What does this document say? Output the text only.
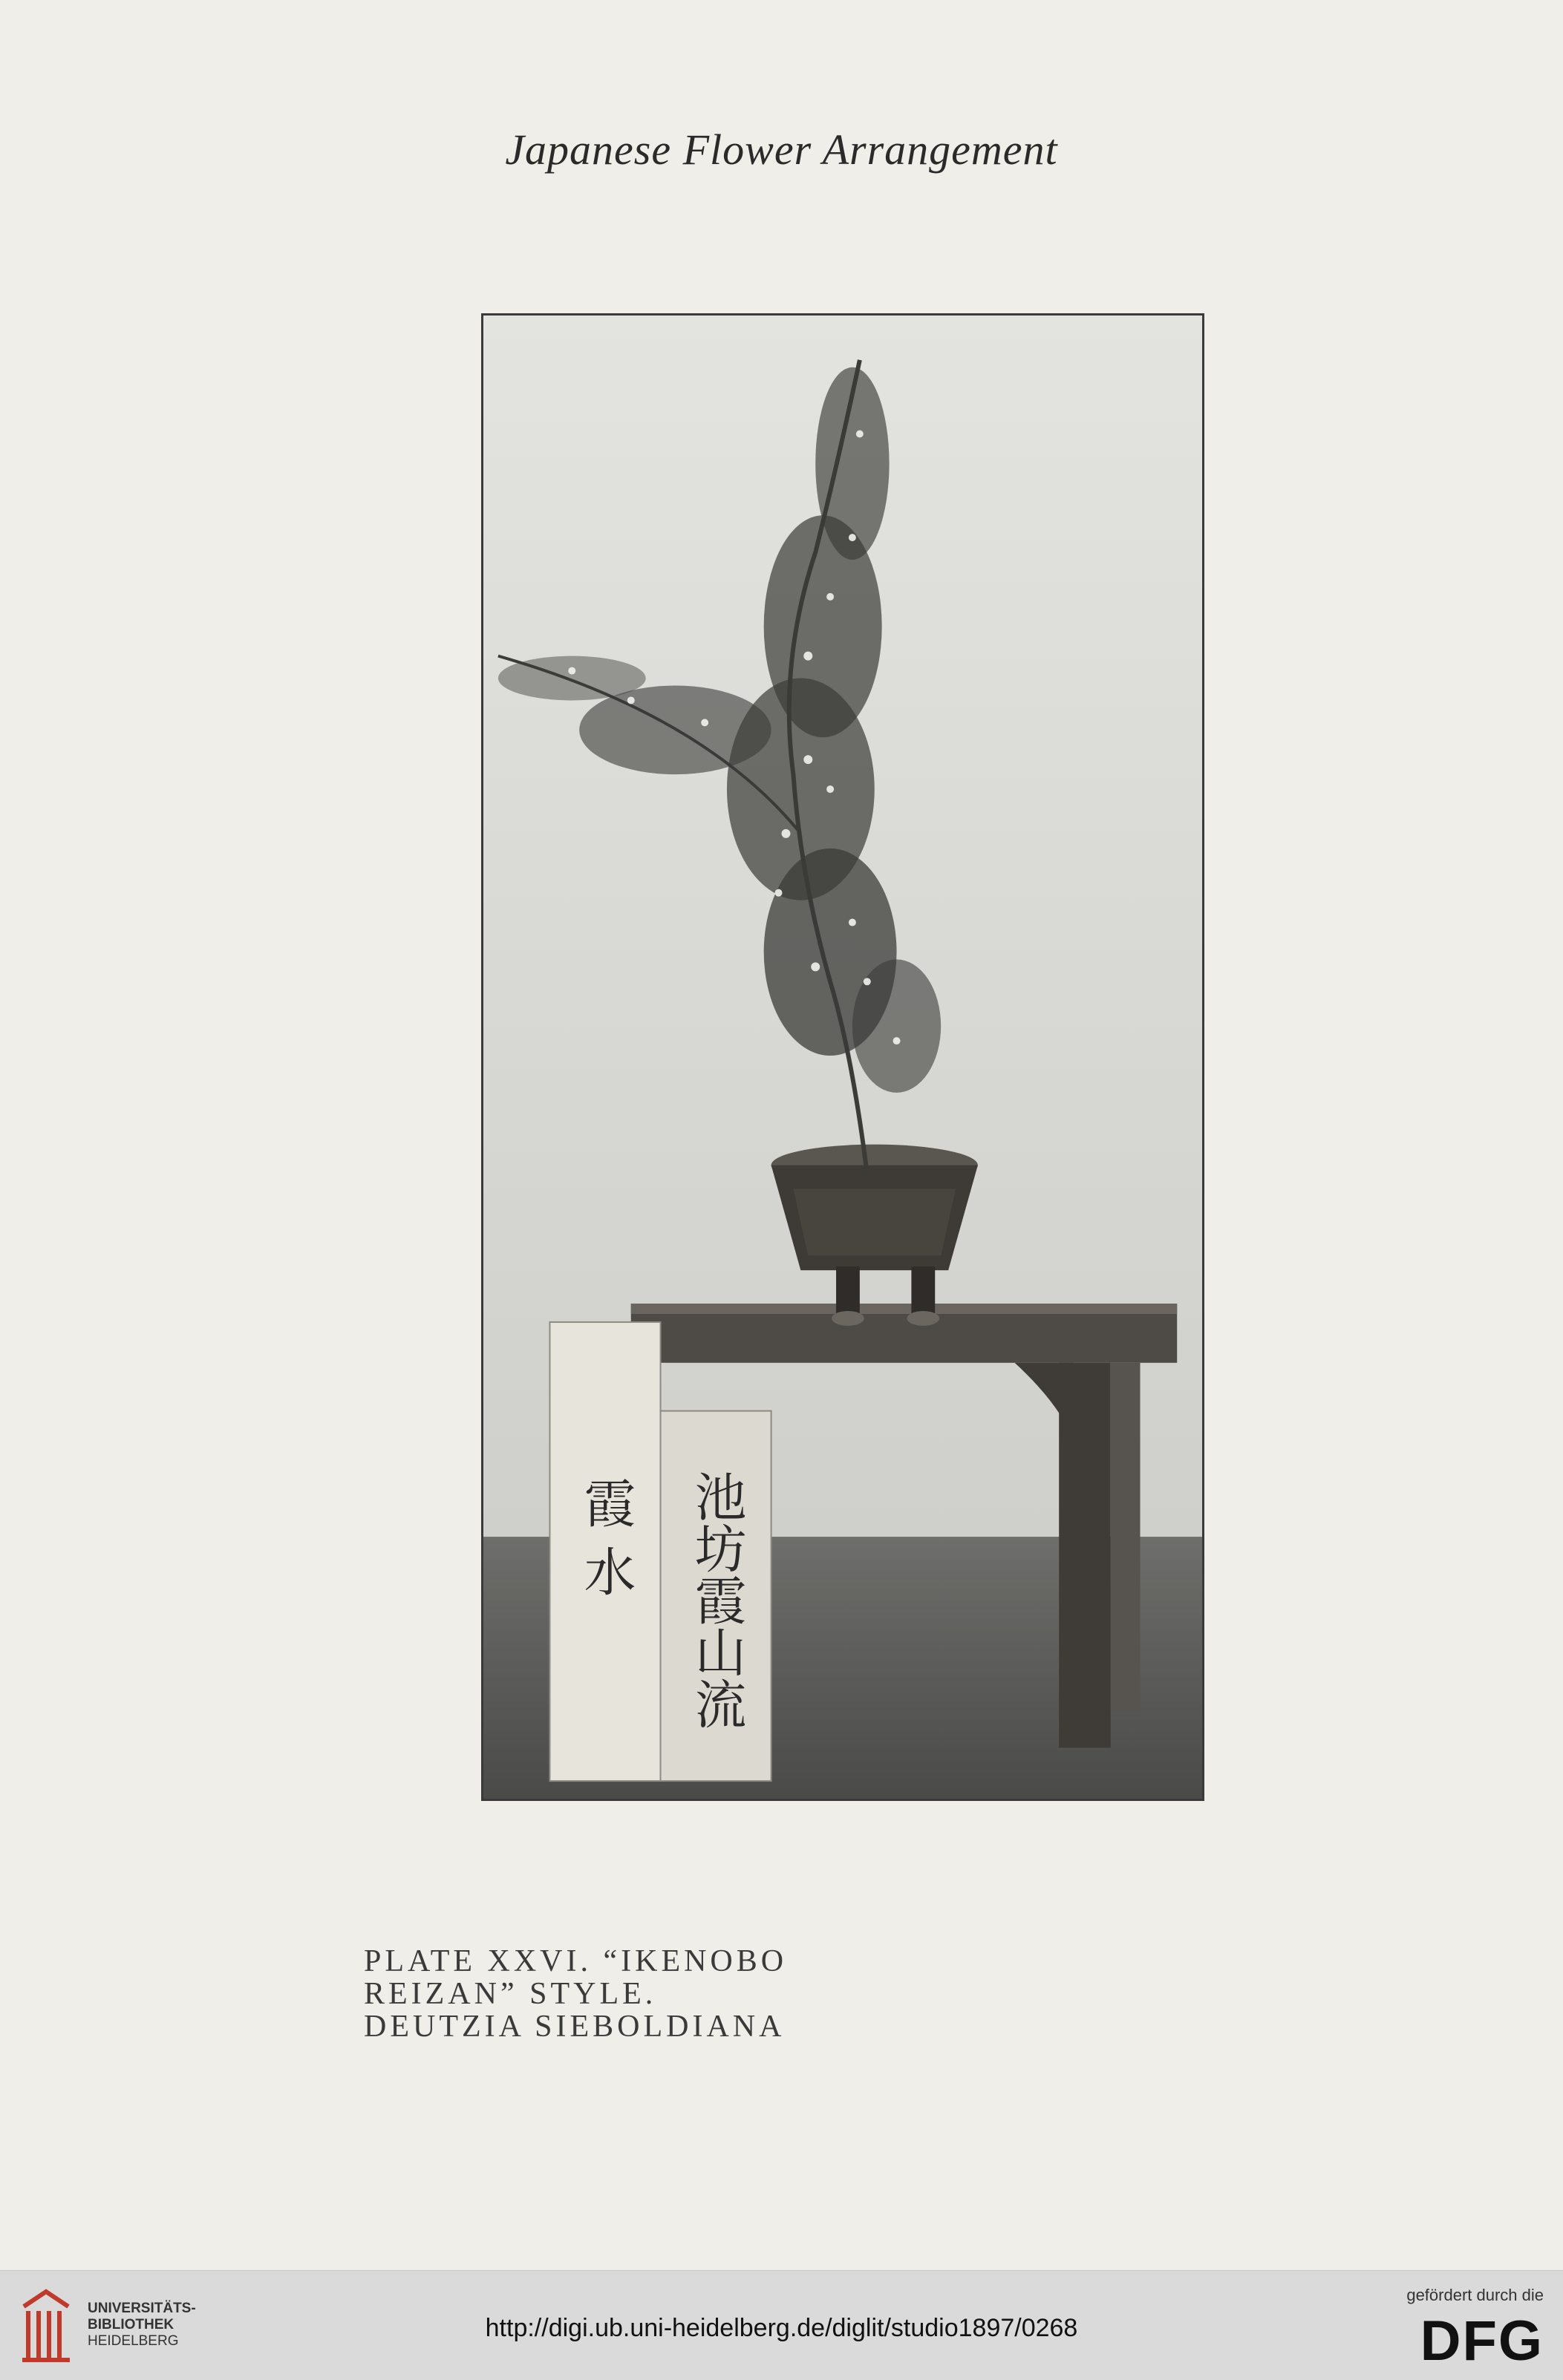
Japanese Flower Arrangement
霞 水 池坊霞山流
PLATE XXVI. “IKENOBO
REIZAN” STYLE.
DEUTZIA SIEBOLDIANA
UNIVERSITÄTS-
BIBLIOTHEK
HEIDELBERG	http://digi.ub.uni-heidelberg.de/diglit/studio1897/0268
gefördert durch die
DFG
